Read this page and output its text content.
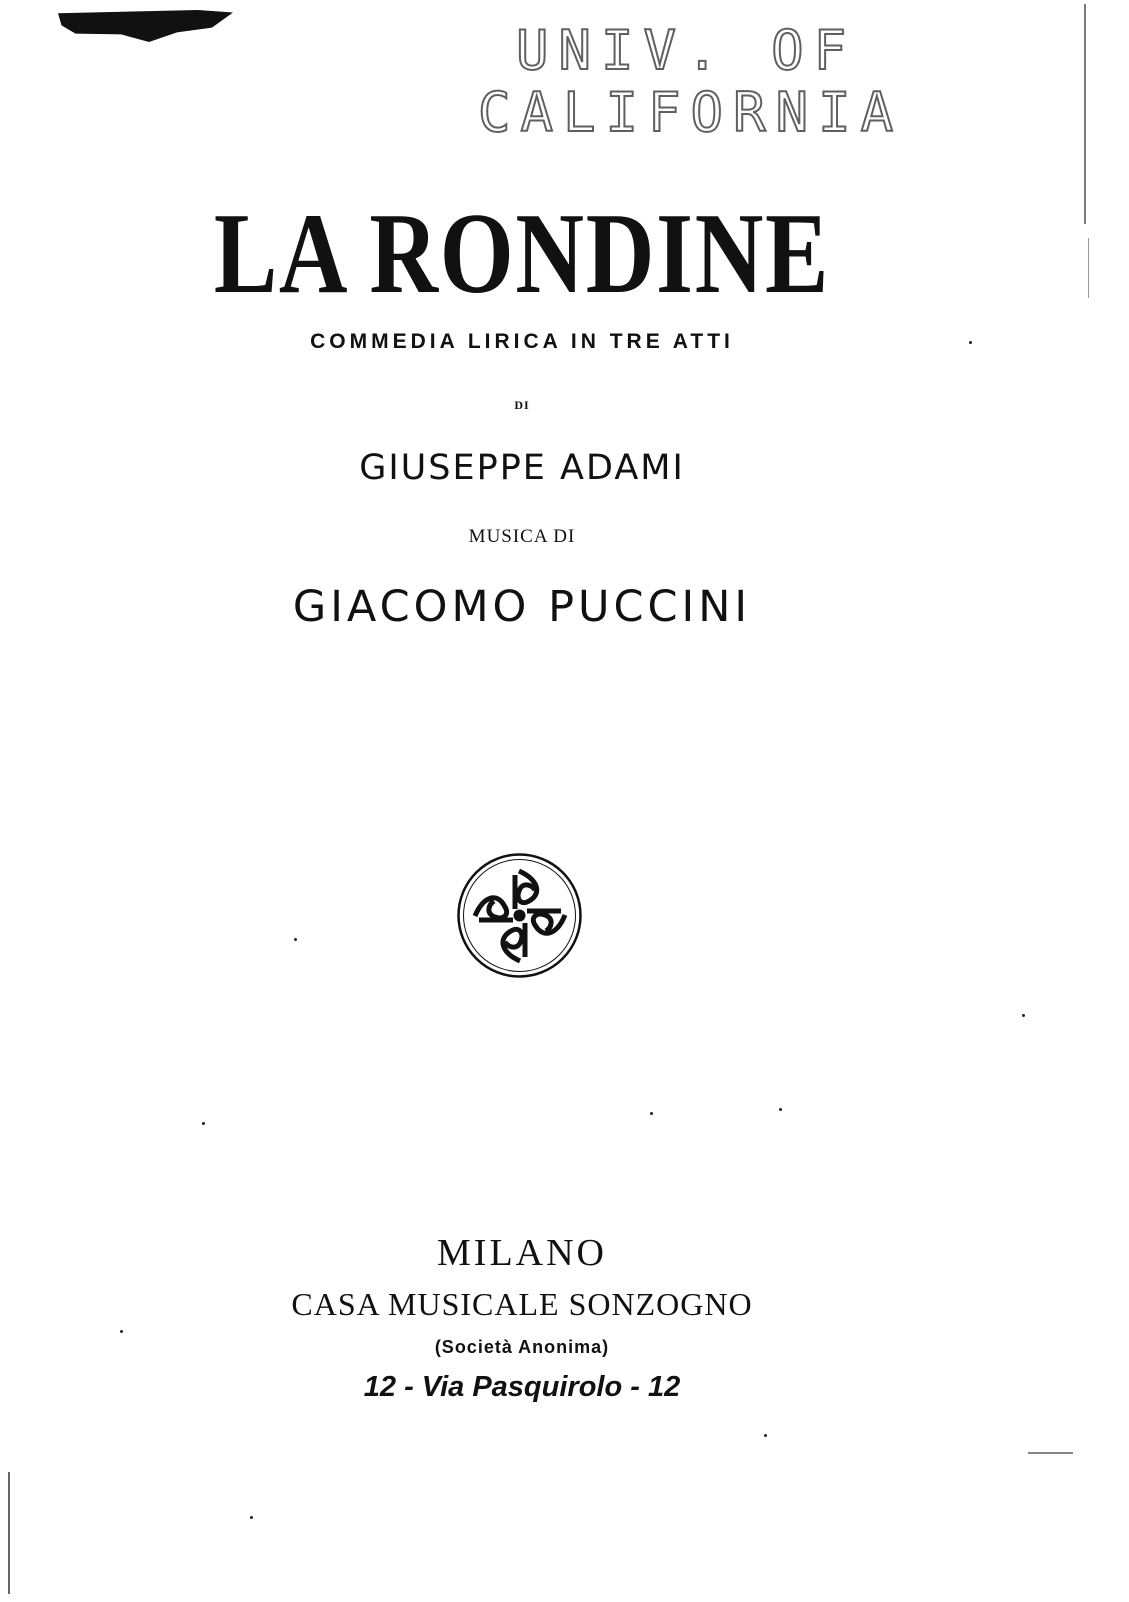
UNIV. OF
CALIFORNIA
LA RONDINE
COMMEDIA LIRICA IN TRE ATTI
DI
GIUSEPPE ADAMI
MUSICA DI
GIACOMO PUCCINI
MILANO
CASA MUSICALE SONZOGNO
(Società Anonima)
12 - Via Pasquirolo - 12
